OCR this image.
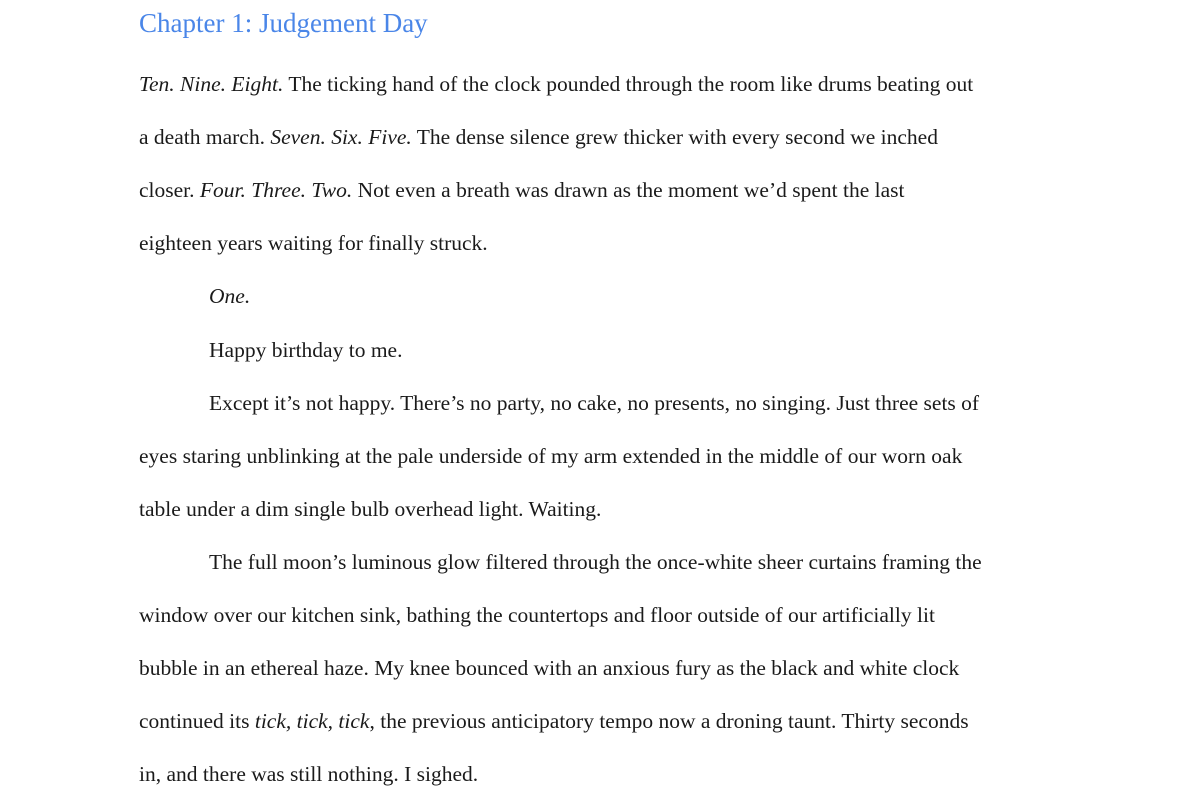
Chapter 1: Judgement Day

Ten. Nine. Eight. The ticking hand of the clock pounded through the room like drums beating out

a death march. Seven. Six. Five. The dense silence grew thicker with every second we inched

closer. Four. Three. Two. Not even a breath was drawn as the moment we’d spent the last

eighteen years waiting for finally struck.

One.

Happy birthday to me.

Except it’s not happy. There’s no party, no cake, no presents, no singing. Just three sets of

eyes staring unblinking at the pale underside of my arm extended in the middle of our worn oak

table under a dim single bulb overhead light. Waiting.

The full moon’s luminous glow filtered through the once-white sheer curtains framing the

window over our kitchen sink, bathing the countertops and floor outside of our artificially lit

bubble in an ethereal haze. My knee bounced with an anxious fury as the black and white clock

continued its tick, tick, tick, the previous anticipatory tempo now a droning taunt. Thirty seconds

in, and there was still nothing. I sighed.
